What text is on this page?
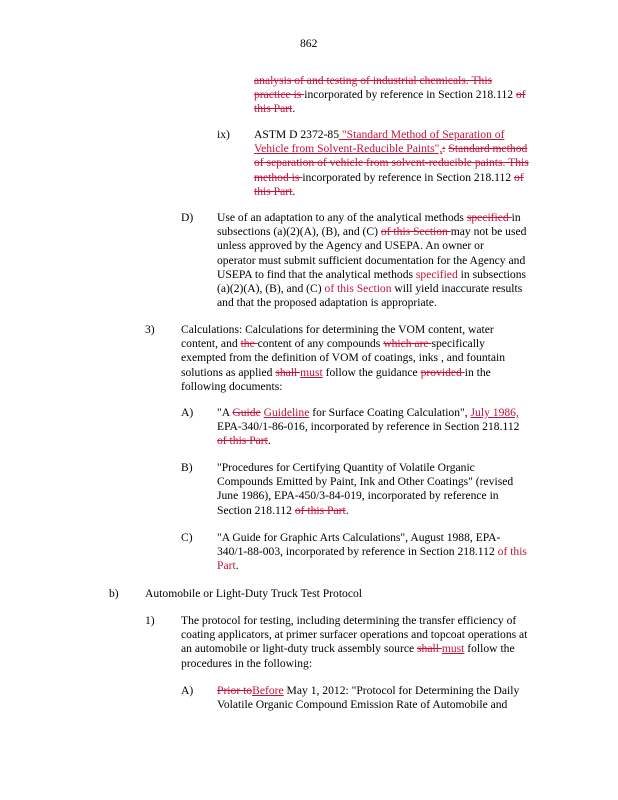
862
analysis of and testing of industrial chemicals. This
practice is incorporated by reference in Section 218.112 of
this Part.
ix) ASTM D 2372-85 "Standard Method of Separation of
Vehicle from Solvent-Reducible Paints",: Standard method
of separation of vehicle from solvent-reducible paints. This
method is incorporated by reference in Section 218.112 of
this Part.
D) Use of an adaptation to any of the analytical methods specified in
subsections (a)(2)(A), (B), and (C) of this Section may not be used
unless approved by the Agency and USEPA. An owner or
operator must submit sufficient documentation for the Agency and
USEPA to find that the analytical methods specified in subsections
(a)(2)(A), (B), and (C) of this Section will yield inaccurate results
and that the proposed adaptation is appropriate.
3) Calculations: Calculations for determining the VOM content, water
content, and the content of any compounds which are specifically
exempted from the definition of VOM of coatings, inks , and fountain
solutions as applied shall must follow the guidance provided in the
following documents:
A) "A Guide Guideline for Surface Coating Calculation", July 1986,
EPA-340/1-86-016, incorporated by reference in Section 218.112
of this Part.
B) "Procedures for Certifying Quantity of Volatile Organic
Compounds Emitted by Paint, Ink and Other Coatings" (revised
June 1986), EPA-450/3-84-019, incorporated by reference in
Section 218.112 of this Part.
C) "A Guide for Graphic Arts Calculations", August 1988, EPA-
340/1-88-003, incorporated by reference in Section 218.112 of this
Part.
b) Automobile or Light-Duty Truck Test Protocol
1) The protocol for testing, including determining the transfer efficiency of
coating applicators, at primer surfacer operations and topcoat operations at
an automobile or light-duty truck assembly source shall must follow the
procedures in the following:
A) Prior toBefore May 1, 2012: "Protocol for Determining the Daily
Volatile Organic Compound Emission Rate of Automobile and
